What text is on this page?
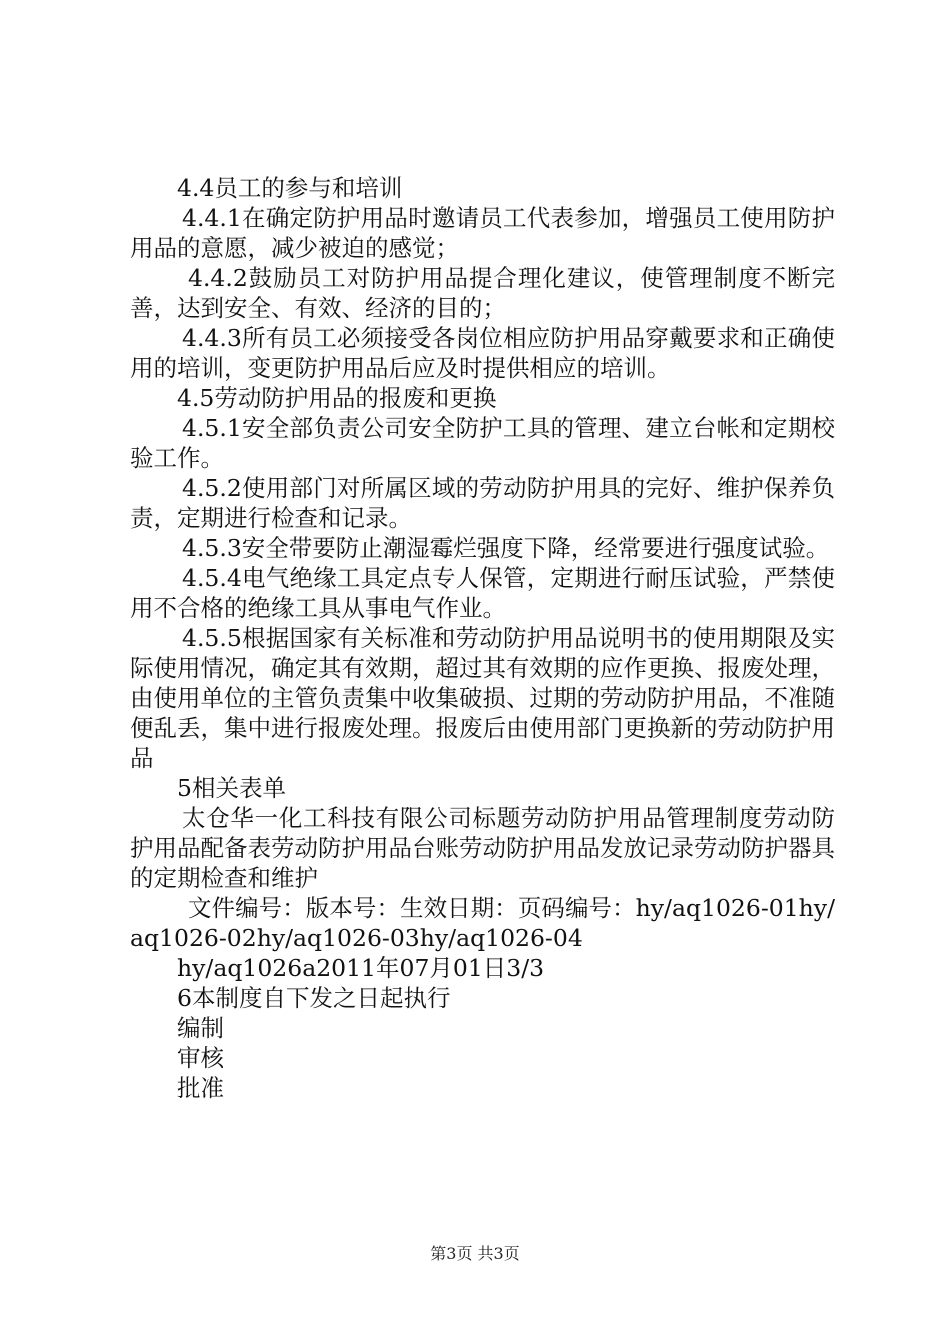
4.4员工的参与和培训

4.4.1在确定防护用品时邀请员工代表参加，增强员工使用防护用品的意愿，减少被迫的感觉；

4.4.2鼓励员工对防护用品提合理化建议，使管理制度不断完善，达到安全、有效、经济的目的；

4.4.3所有员工必须接受各岗位相应防护用品穿戴要求和正确使用的培训，变更防护用品后应及时提供相应的培训。

4.5劳动防护用品的报废和更换

4.5.1安全部负责公司安全防护工具的管理、建立台帐和定期校验工作。

4.5.2使用部门对所属区域的劳动防护用具的完好、维护保养负责，定期进行检查和记录。

4.5.3安全带要防止潮湿霉烂强度下降，经常要进行强度试验。

4.5.4电气绝缘工具定点专人保管，定期进行耐压试验，严禁使用不合格的绝缘工具从事电气作业。

4.5.5根据国家有关标准和劳动防护用品说明书的使用期限及实际使用情况，确定其有效期，超过其有效期的应作更换、报废处理，由使用单位的主管负责集中收集破损、过期的劳动防护用品，不准随便乱丢，集中进行报废处理。报废后由使用部门更换新的劳动防护用品

5相关表单

太仓华一化工科技有限公司标题劳动防护用品管理制度劳动防护用品配备表劳动防护用品台账劳动防护用品发放记录劳动防护器具的定期检查和维护

文件编号：版本号：生效日期：页码编号：hy/aq1026-01hy/aq1026-02hy/aq1026-03hy/aq1026-04

hy/aq1026a2011年07月01日3/3

6本制度自下发之日起执行

编制

审核

批准

第3页 共3页
